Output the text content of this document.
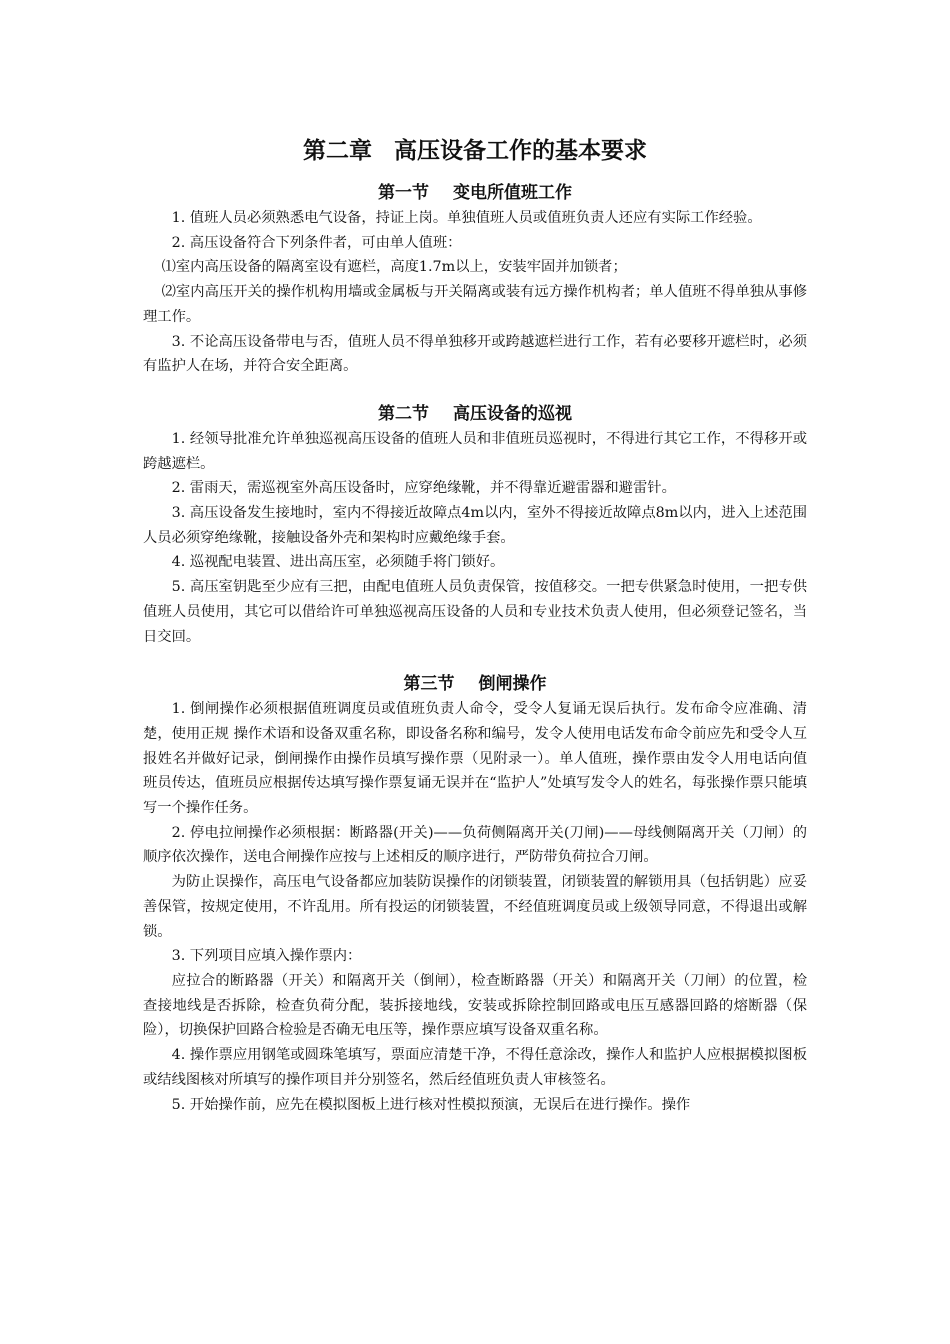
第二章 高压设备工作的基本要求
第一节 变电所值班工作

1. 值班人员必须熟悉电气设备，持证上岗。单独值班人员或值班负责人还应有实际工作经验。

2. 高压设备符合下列条件者，可由单人值班：

⑴室内高压设备的隔离室设有遮栏，高度1.7m以上，安装牢固并加锁者；

⑵室内高压开关的操作机构用墙或金属板与开关隔离或装有远方操作机构者；单人值班不得单独从事修理工作。

3. 不论高压设备带电与否，值班人员不得单独移开或跨越遮栏进行工作，若有必要移开遮栏时，必须有监护人在场，并符合安全距离。

第二节 高压设备的巡视

1. 经领导批准允许单独巡视高压设备的值班人员和非值班员巡视时，不得进行其它工作，不得移开或跨越遮栏。

2. 雷雨天，需巡视室外高压设备时，应穿绝缘靴，并不得靠近避雷器和避雷针。

3. 高压设备发生接地时，室内不得接近故障点4m以内，室外不得接近故障点8m以内，进入上述范围人员必须穿绝缘靴，接触设备外壳和架构时应戴绝缘手套。

4. 巡视配电装置、进出高压室，必须随手将门锁好。

5. 高压室钥匙至少应有三把，由配电值班人员负责保管，按值移交。一把专供紧急时使用，一把专供值班人员使用，其它可以借给许可单独巡视高压设备的人员和专业技术负责人使用，但必须登记签名，当日交回。

第三节 倒闸操作

1. 倒闸操作必须根据值班调度员或值班负责人命令，受令人复诵无误后执行。发布命令应准确、清楚，使用正规 操作术语和设备双重名称，即设备名称和编号，发令人使用电话发布命令前应先和受令人互报姓名并做好记录，倒闸操作由操作员填写操作票（见附录一）。单人值班，操作票由发令人用电话向值班员传达，值班员应根据传达填写操作票复诵无误并在“监护人”处填写发令人的姓名，每张操作票只能填写一个操作任务。

2. 停电拉闸操作必须根据：断路器(开关)——负荷侧隔离开关(刀闸)——母线侧隔离开关（刀闸）的顺序依次操作，送电合闸操作应按与上述相反的顺序进行，严防带负荷拉合刀闸。

为防止误操作，高压电气设备都应加装防误操作的闭锁装置，闭锁装置的解锁用具（包括钥匙）应妥善保管，按规定使用，不许乱用。所有投运的闭锁装置，不经值班调度员或上级领导同意，不得退出或解锁。

3. 下列项目应填入操作票内：

应拉合的断路器（开关）和隔离开关（倒闸），检查断路器（开关）和隔离开关（刀闸）的位置，检查接地线是否拆除，检查负荷分配，装拆接地线，安装或拆除控制回路或电压互感器回路的熔断器（保险），切换保护回路合检验是否确无电压等，操作票应填写设备双重名称。

4. 操作票应用钢笔或圆珠笔填写，票面应清楚干净，不得任意涂改，操作人和监护人应根据模拟图板或结线图核对所填写的操作项目并分别签名，然后经值班负责人审核签名。

5. 开始操作前，应先在模拟图板上进行核对性模拟预演，无误后在进行操作。操作
